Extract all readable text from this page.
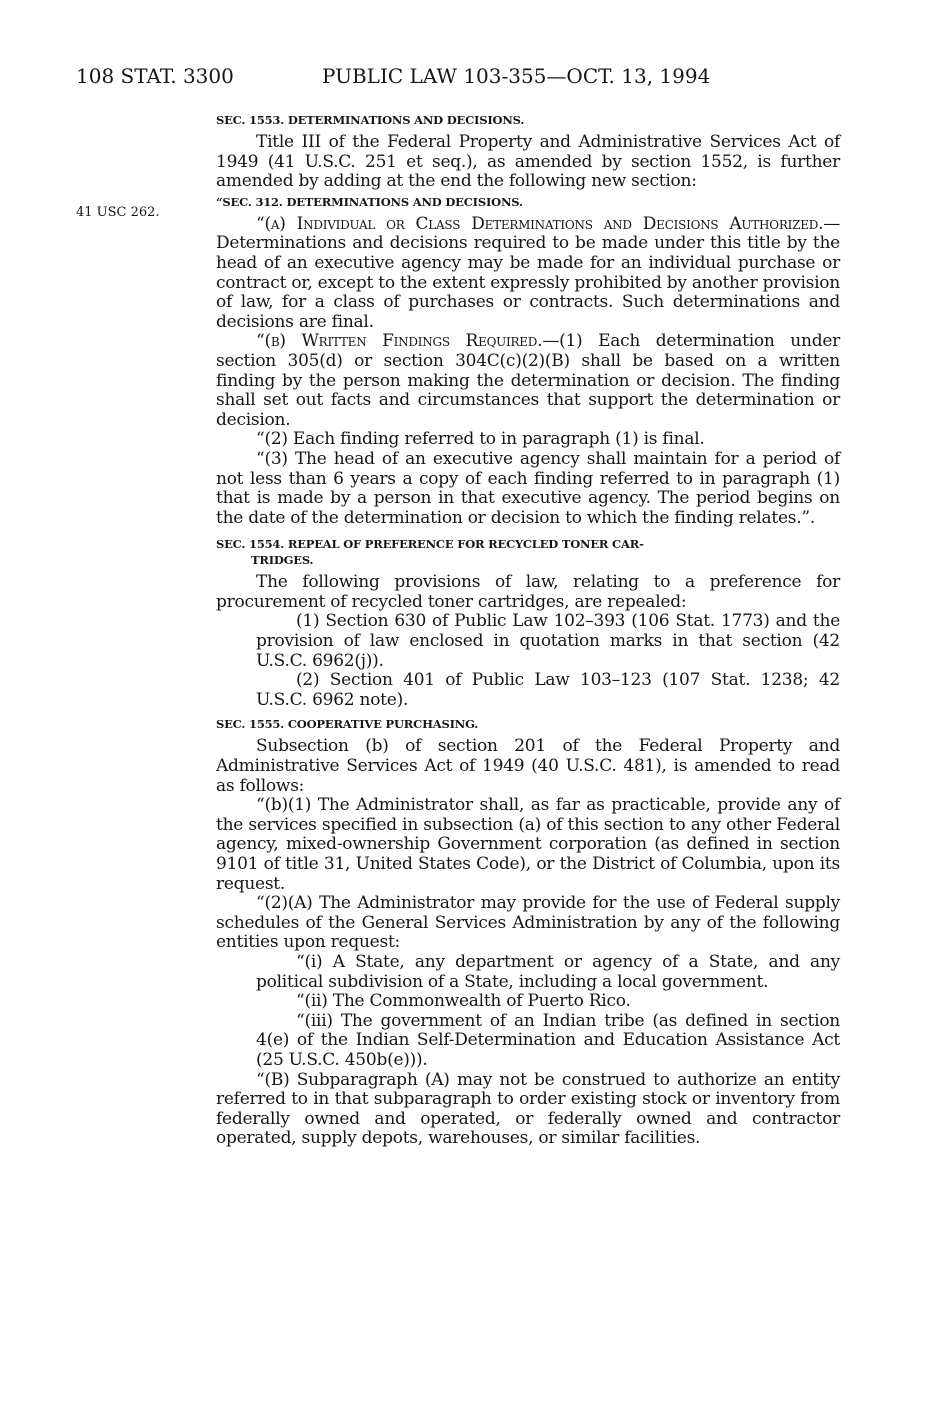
108 STAT. 3300	PUBLIC LAW 103-355—OCT. 13, 1994
41 USC 262.
SEC. 1553. DETERMINATIONS AND DECISIONS.

Title III of the Federal Property and Administrative Services Act of 1949 (41 U.S.C. 251 et seq.), as amended by section 1552, is further amended by adding at the end the following new section:

“SEC. 312. DETERMINATIONS AND DECISIONS.

“(a) Individual or Class Determinations and Decisions Authorized.—Determinations and decisions required to be made under this title by the head of an executive agency may be made for an individual purchase or contract or, except to the extent expressly prohibited by another provision of law, for a class of purchases or contracts. Such determinations and decisions are final.

“(b) Written Findings Required.—(1) Each determination under section 305(d) or section 304C(c)(2)(B) shall be based on a written finding by the person making the determination or decision. The finding shall set out facts and circumstances that support the determination or decision.

“(2) Each finding referred to in paragraph (1) is final.

“(3) The head of an executive agency shall maintain for a period of not less than 6 years a copy of each finding referred to in paragraph (1) that is made by a person in that executive agency. The period begins on the date of the determination or decision to which the finding relates.”.

SEC. 1554. REPEAL OF PREFERENCE FOR RECYCLED TONER CAR-
TRIDGES.

The following provisions of law, relating to a preference for procurement of recycled toner cartridges, are repealed:

(1) Section 630 of Public Law 102–393 (106 Stat. 1773) and the provision of law enclosed in quotation marks in that section (42 U.S.C. 6962(j)).

(2) Section 401 of Public Law 103–123 (107 Stat. 1238; 42 U.S.C. 6962 note).

SEC. 1555. COOPERATIVE PURCHASING.

Subsection (b) of section 201 of the Federal Property and Administrative Services Act of 1949 (40 U.S.C. 481), is amended to read as follows:

“(b)(1) The Administrator shall, as far as practicable, provide any of the services specified in subsection (a) of this section to any other Federal agency, mixed-ownership Government corporation (as defined in section 9101 of title 31, United States Code), or the District of Columbia, upon its request.

“(2)(A) The Administrator may provide for the use of Federal supply schedules of the General Services Administration by any of the following entities upon request:

“(i) A State, any department or agency of a State, and any political subdivision of a State, including a local government.

“(ii) The Commonwealth of Puerto Rico.

“(iii) The government of an Indian tribe (as defined in section 4(e) of the Indian Self-Determination and Education Assistance Act (25 U.S.C. 450b(e))).

“(B) Subparagraph (A) may not be construed to authorize an entity referred to in that subparagraph to order existing stock or inventory from federally owned and operated, or federally owned and contractor operated, supply depots, warehouses, or similar facilities.
